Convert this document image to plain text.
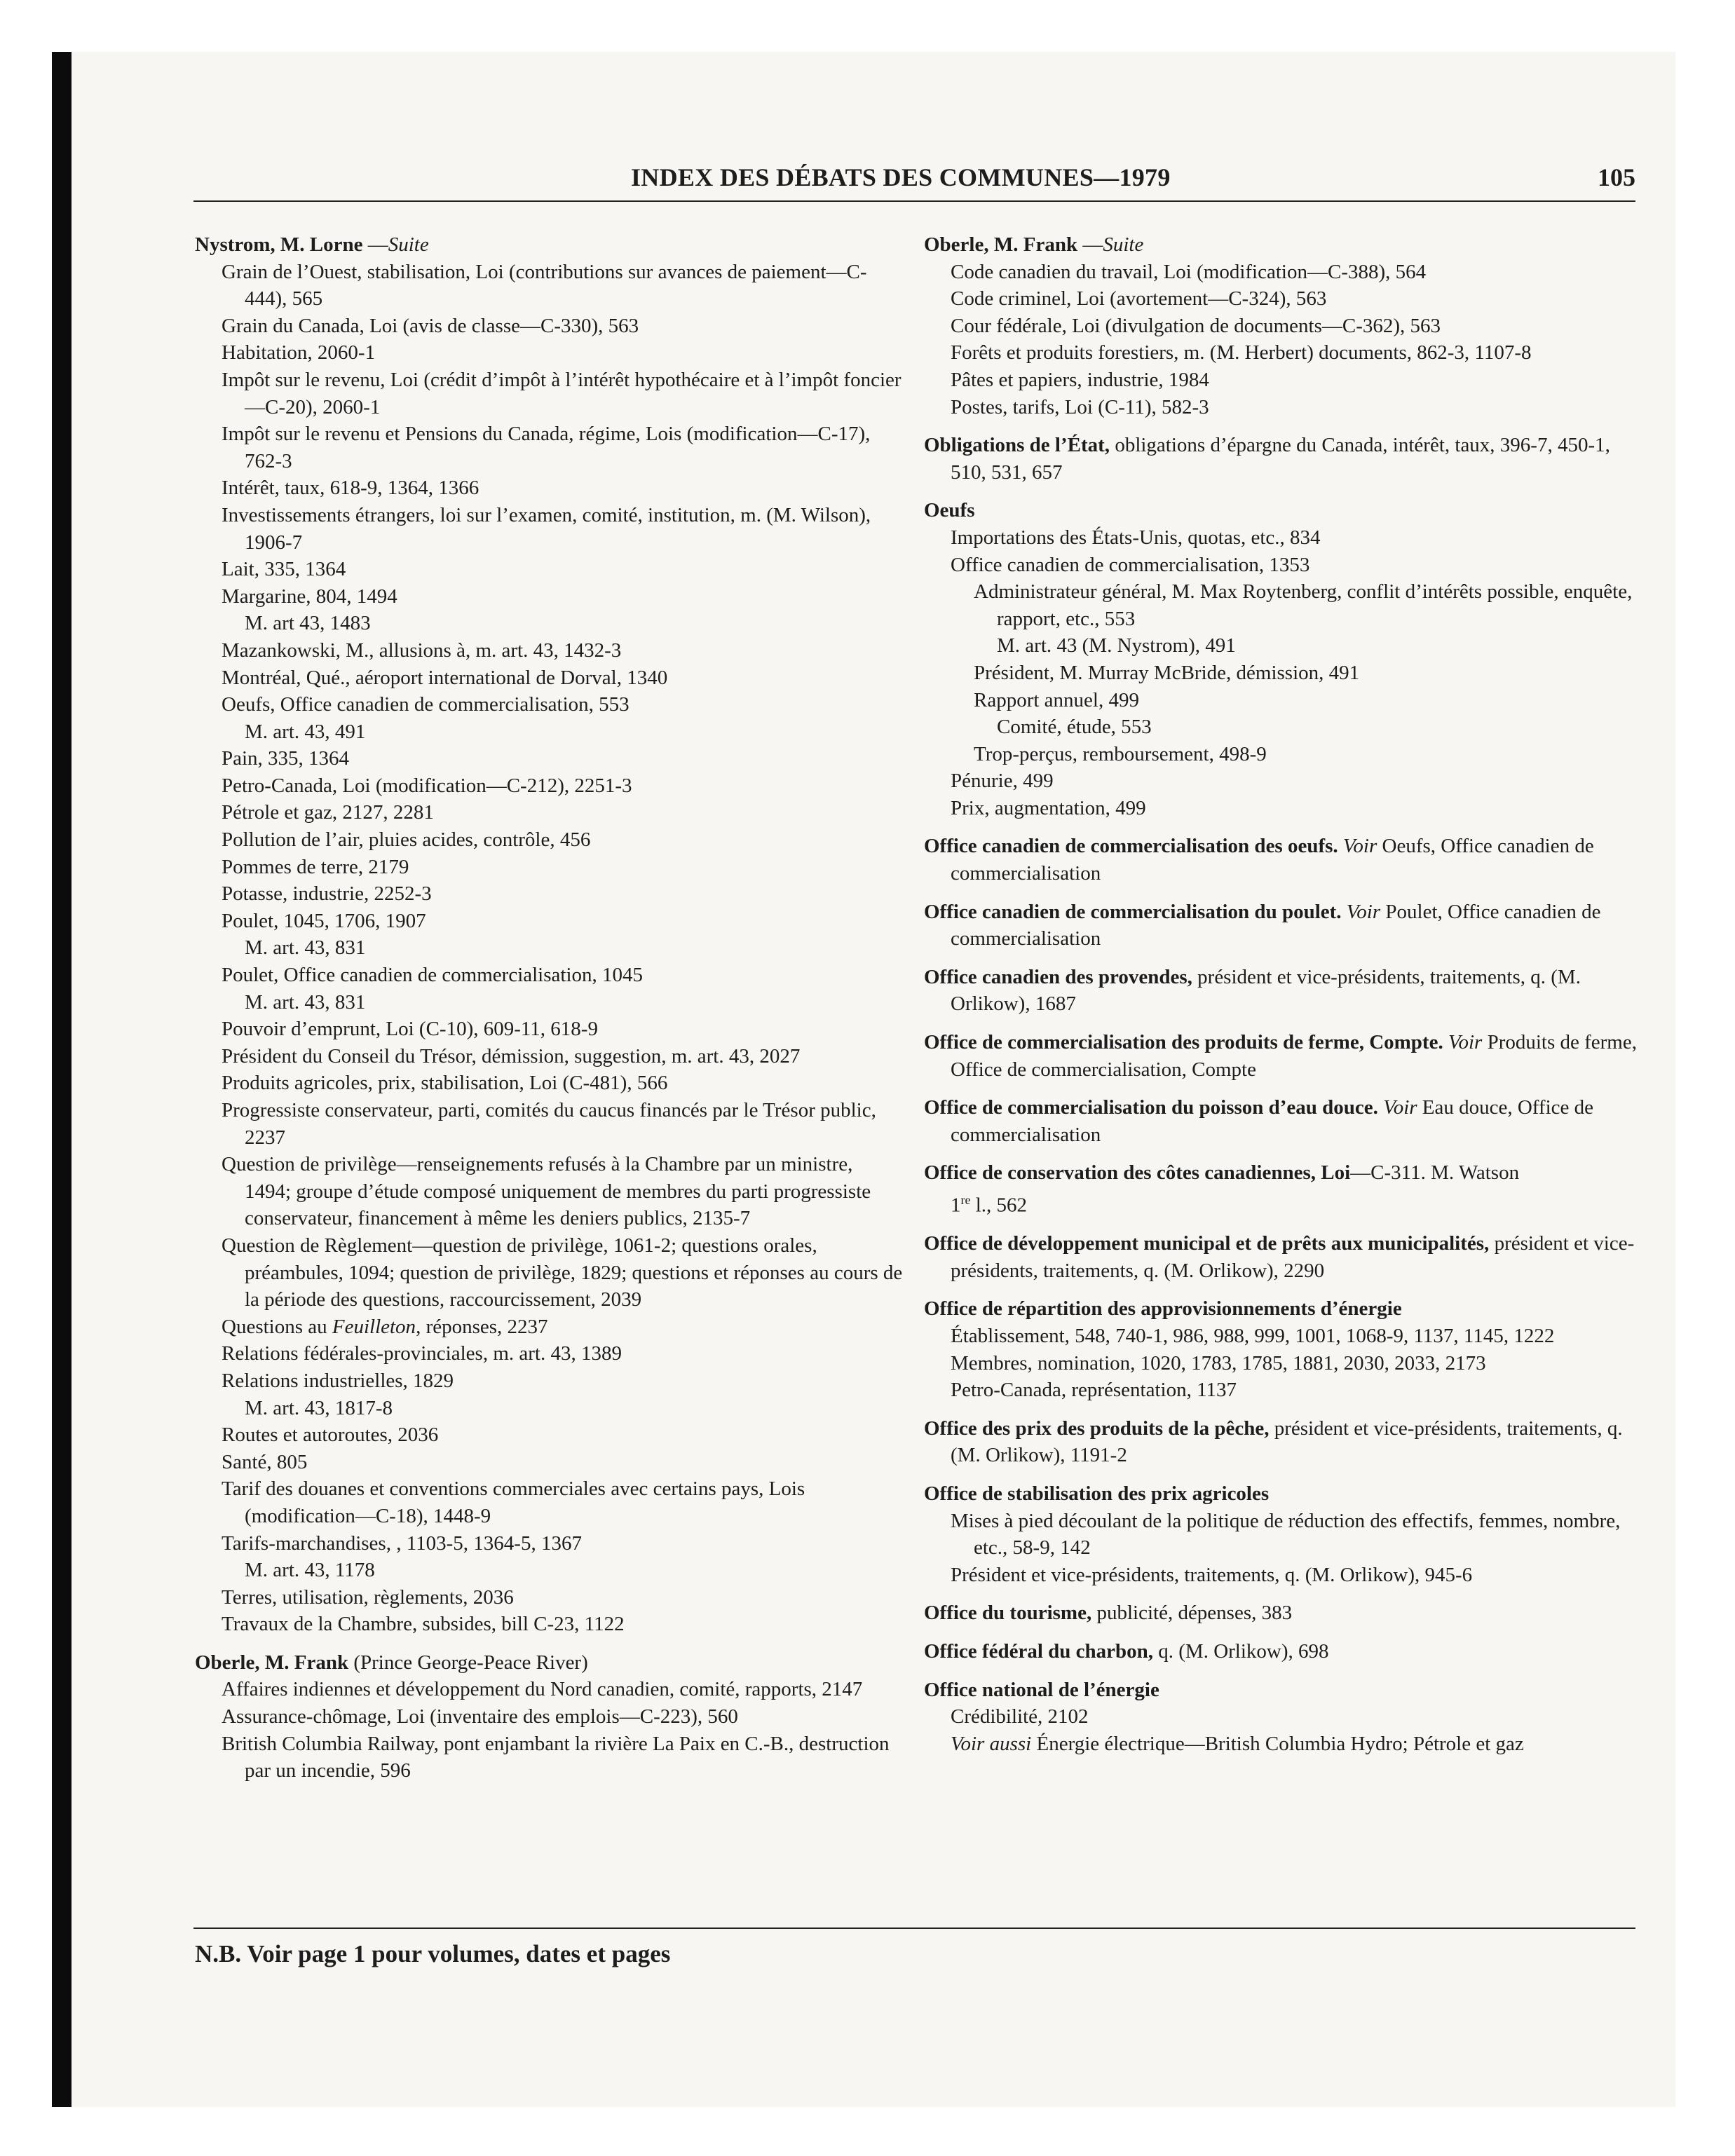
INDEX DES DÉBATS DES COMMUNES—1979	105
Nystrom, M. Lorne —Suite
Grain de l’Ouest, stabilisation, Loi (contributions sur avances de paiement—C-444), 565
Grain du Canada, Loi (avis de classe—C-330), 563
Habitation, 2060-1
Impôt sur le revenu, Loi (crédit d’impôt à l’intérêt hypothécaire et à l’impôt foncier—C-20), 2060-1
Impôt sur le revenu et Pensions du Canada, régime, Lois (modification—C-17), 762-3
Intérêt, taux, 618-9, 1364, 1366
Investissements étrangers, loi sur l’examen, comité, institution, m. (M. Wilson), 1906-7
Lait, 335, 1364
Margarine, 804, 1494
M. art 43, 1483
Mazankowski, M., allusions à, m. art. 43, 1432-3
Montréal, Qué., aéroport international de Dorval, 1340
Oeufs, Office canadien de commercialisation, 553
M. art. 43, 491
Pain, 335, 1364
Petro-Canada, Loi (modification—C-212), 2251-3
Pétrole et gaz, 2127, 2281
Pollution de l’air, pluies acides, contrôle, 456
Pommes de terre, 2179
Potasse, industrie, 2252-3
Poulet, 1045, 1706, 1907
M. art. 43, 831
Poulet, Office canadien de commercialisation, 1045
M. art. 43, 831
Pouvoir d’emprunt, Loi (C-10), 609-11, 618-9
Président du Conseil du Trésor, démission, suggestion, m. art. 43, 2027
Produits agricoles, prix, stabilisation, Loi (C-481), 566
Progressiste conservateur, parti, comités du caucus financés par le Trésor public, 2237
Question de privilège—renseignements refusés à la Chambre par un ministre, 1494; groupe d’étude composé uniquement de membres du parti progressiste conservateur, financement à même les deniers publics, 2135-7
Question de Règlement—question de privilège, 1061-2; questions orales, préambules, 1094; question de privilège, 1829; questions et réponses au cours de la période des questions, raccourcissement, 2039
Questions au Feuilleton, réponses, 2237
Relations fédérales-provinciales, m. art. 43, 1389
Relations industrielles, 1829
M. art. 43, 1817-8
Routes et autoroutes, 2036
Santé, 805
Tarif des douanes et conventions commerciales avec certains pays, Lois (modification—C-18), 1448-9
Tarifs-marchandises, , 1103-5, 1364-5, 1367
M. art. 43, 1178
Terres, utilisation, règlements, 2036
Travaux de la Chambre, subsides, bill C-23, 1122
Oberle, M. Frank (Prince George-Peace River)
Affaires indiennes et développement du Nord canadien, comité, rapports, 2147
Assurance-chômage, Loi (inventaire des emplois—C-223), 560
British Columbia Railway, pont enjambant la rivière La Paix en C.-B., destruction par un incendie, 596
Oberle, M. Frank —Suite
Code canadien du travail, Loi (modification—C-388), 564
Code criminel, Loi (avortement—C-324), 563
Cour fédérale, Loi (divulgation de documents—C-362), 563
Forêts et produits forestiers, m. (M. Herbert) documents, 862-3, 1107-8
Pâtes et papiers, industrie, 1984
Postes, tarifs, Loi (C-11), 582-3
Obligations de l’État, obligations d’épargne du Canada, intérêt, taux, 396-7, 450-1, 510, 531, 657
Oeufs
Importations des États-Unis, quotas, etc., 834
Office canadien de commercialisation, 1353
Administrateur général, M. Max Roytenberg, conflit d’intérêts possible, enquête, rapport, etc., 553
M. art. 43 (M. Nystrom), 491
Président, M. Murray McBride, démission, 491
Rapport annuel, 499
Comité, étude, 553
Trop-perçus, remboursement, 498-9
Pénurie, 499
Prix, augmentation, 499
Office canadien de commercialisation des oeufs. Voir Oeufs, Office canadien de commercialisation
Office canadien de commercialisation du poulet. Voir Poulet, Office canadien de commercialisation
Office canadien des provendes, président et vice-présidents, traitements, q. (M. Orlikow), 1687
Office de commercialisation des produits de ferme, Compte. Voir Produits de ferme, Office de commercialisation, Compte
Office de commercialisation du poisson d’eau douce. Voir Eau douce, Office de commercialisation
Office de conservation des côtes canadiennes, Loi—C-311. M. Watson
1re l., 562
Office de développement municipal et de prêts aux municipalités, président et vice-présidents, traitements, q. (M. Orlikow), 2290
Office de répartition des approvisionnements d’énergie
Établissement, 548, 740-1, 986, 988, 999, 1001, 1068-9, 1137, 1145, 1222
Membres, nomination, 1020, 1783, 1785, 1881, 2030, 2033, 2173
Petro-Canada, représentation, 1137
Office des prix des produits de la pêche, président et vice-présidents, traitements, q. (M. Orlikow), 1191-2
Office de stabilisation des prix agricoles
Mises à pied découlant de la politique de réduction des effectifs, femmes, nombre, etc., 58-9, 142
Président et vice-présidents, traitements, q. (M. Orlikow), 945-6
Office du tourisme, publicité, dépenses, 383
Office fédéral du charbon, q. (M. Orlikow), 698
Office national de l’énergie
Crédibilité, 2102
Voir aussi Énergie électrique—British Columbia Hydro; Pétrole et gaz
N.B. Voir page 1 pour volumes, dates et pages
